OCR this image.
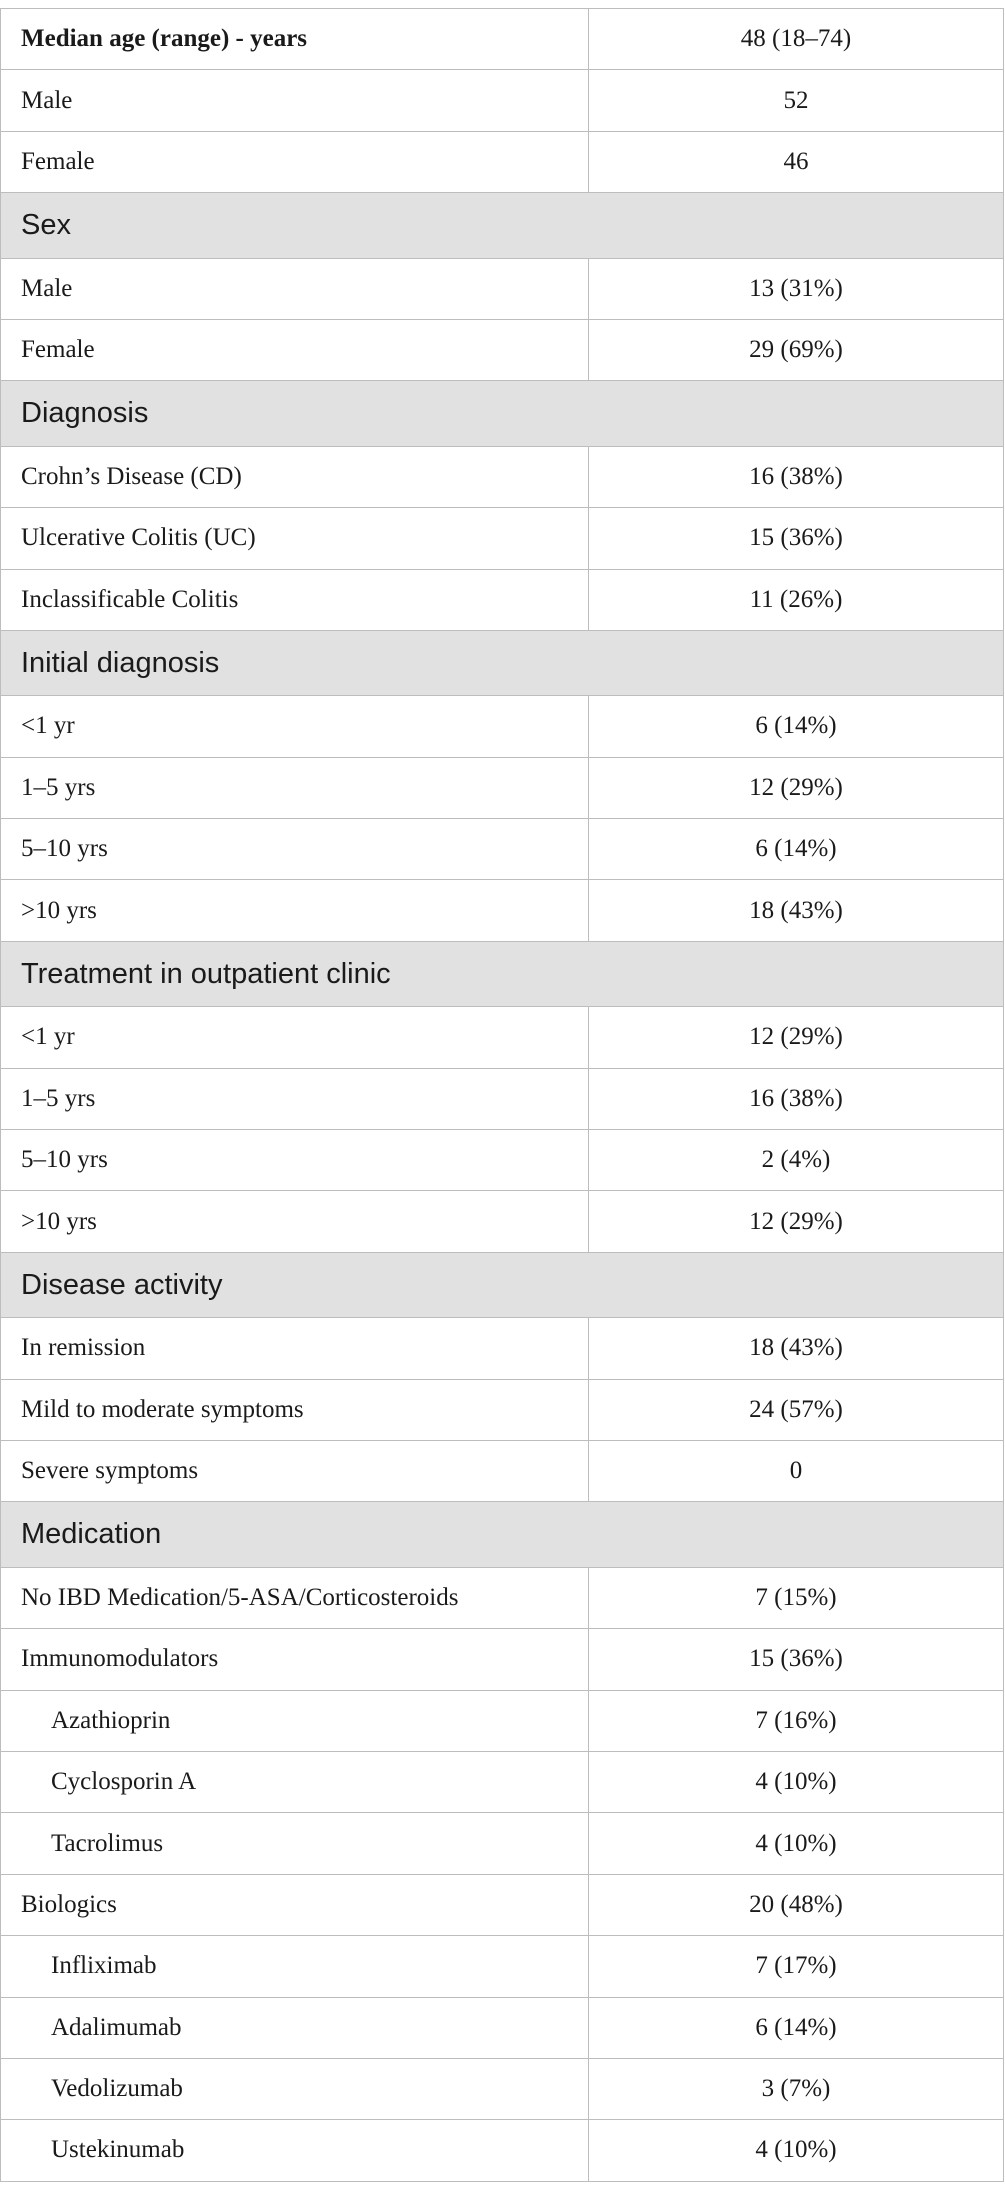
Median age (range) - years	48 (18–74)
Male	52
Female	46
Sex	
Male	13 (31%)
Female	29 (69%)
Diagnosis	
Crohn’s Disease (CD)	16 (38%)
Ulcerative Colitis (UC)	15 (36%)
Inclassificable Colitis	11 (26%)
Initial diagnosis	
<1 yr	6 (14%)
1–5 yrs	12 (29%)
5–10 yrs	6 (14%)
>10 yrs	18 (43%)
Treatment in outpatient clinic	
<1 yr	12 (29%)
1–5 yrs	16 (38%)
5–10 yrs	2 (4%)
>10 yrs	12 (29%)
Disease activity	
In remission	18 (43%)
Mild to moderate symptoms	24 (57%)
Severe symptoms	0
Medication	
No IBD Medication/5-ASA/Corticosteroids	7 (15%)
Immunomodulators	15 (36%)
Azathioprin	7 (16%)
Cyclosporin A	4 (10%)
Tacrolimus	4 (10%)
Biologics	20 (48%)
Infliximab	7 (17%)
Adalimumab	6 (14%)
Vedolizumab	3 (7%)
Ustekinumab	4 (10%)
